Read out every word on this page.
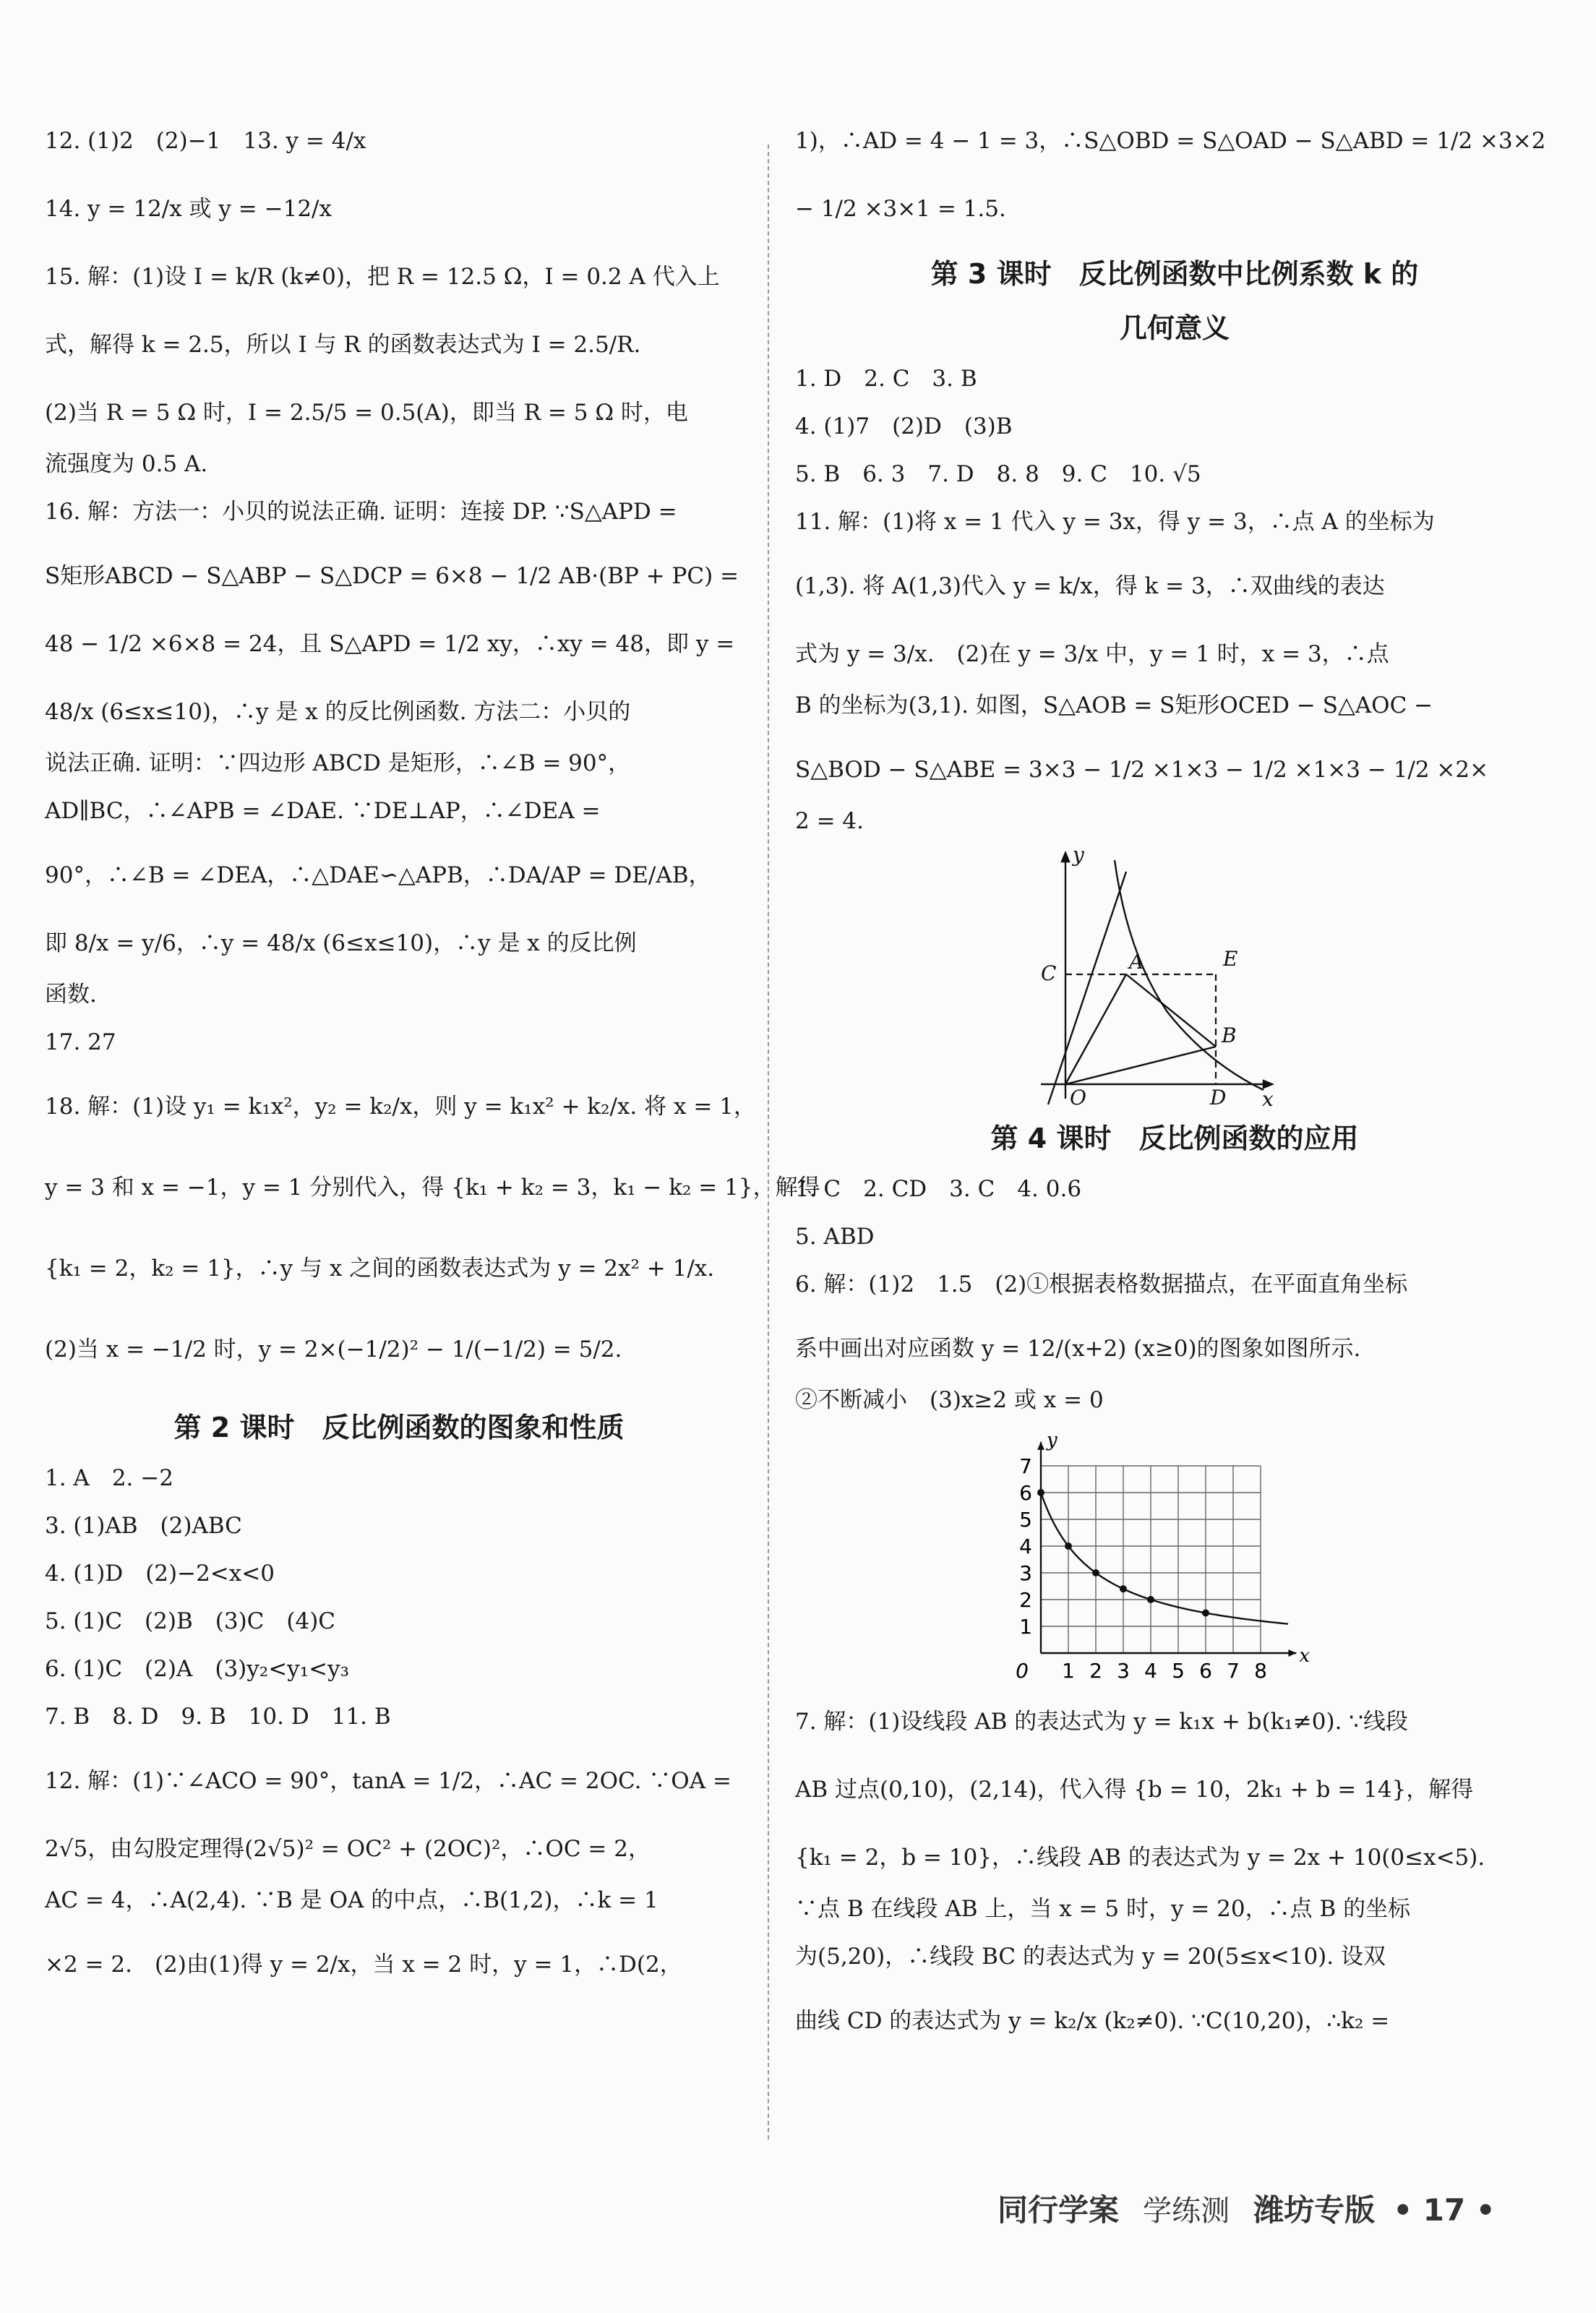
12. (1)2　(2)−1　13. y = 4/x

14. y = 12/x 或 y = −12/x

15. 解：(1)设 I = k/R (k≠0)，把 R = 12.5 Ω，I = 0.2 A 代入上

式，解得 k = 2.5，所以 I 与 R 的函数表达式为 I = 2.5/R.

(2)当 R = 5 Ω 时，I = 2.5/5 = 0.5(A)，即当 R = 5 Ω 时，电

流强度为 0.5 A.

16. 解：方法一：小贝的说法正确. 证明：连接 DP. ∵S△APD =

S矩形ABCD − S△ABP − S△DCP = 6×8 − 1/2 AB·(BP + PC) =

48 − 1/2 ×6×8 = 24，且 S△APD = 1/2 xy，∴xy = 48，即 y =

48/x (6≤x≤10)，∴y 是 x 的反比例函数. 方法二：小贝的

说法正确. 证明：∵四边形 ABCD 是矩形，∴∠B = 90°，

AD∥BC，∴∠APB = ∠DAE. ∵DE⊥AP，∴∠DEA =

90°，∴∠B = ∠DEA，∴△DAE∽△APB，∴DA/AP = DE/AB，

即 8/x = y/6，∴y = 48/x (6≤x≤10)，∴y 是 x 的反比例

函数.

17. 27

18. 解：(1)设 y₁ = k₁x²，y₂ = k₂/x，则 y = k₁x² + k₂/x. 将 x = 1，

y = 3 和 x = −1，y = 1 分别代入，得 {k₁ + k₂ = 3，k₁ − k₂ = 1}，解得

{k₁ = 2，k₂ = 1}，∴y 与 x 之间的函数表达式为 y = 2x² + 1/x.

(2)当 x = −1/2 时，y = 2×(−1/2)² − 1/(−1/2) = 5/2.

第 2 课时　反比例函数的图象和性质

1. A　2. −2

3. (1)AB　(2)ABC

4. (1)D　(2)−2<x<0

5. (1)C　(2)B　(3)C　(4)C

6. (1)C　(2)A　(3)y₂<y₁<y₃

7. B　8. D　9. B　10. D　11. B

12. 解：(1)∵∠ACO = 90°，tanA = 1/2，∴AC = 2OC. ∵OA =

2√5，由勾股定理得(2√5)² = OC² + (2OC)²，∴OC = 2，

AC = 4，∴A(2,4). ∵B 是 OA 的中点，∴B(1,2)，∴k = 1

×2 = 2.　(2)由(1)得 y = 2/x，当 x = 2 时，y = 1，∴D(2，

1)，∴AD = 4 − 1 = 3，∴S△OBD = S△OAD − S△ABD = 1/2 ×3×2

− 1/2 ×3×1 = 1.5.

第 3 课时　反比例函数中比例系数 k 的
几何意义

1. D　2. C　3. B

4. (1)7　(2)D　(3)B

5. B　6. 3　7. D　8. 8　9. C　10. √5

11. 解：(1)将 x = 1 代入 y = 3x，得 y = 3，∴点 A 的坐标为

(1,3). 将 A(1,3)代入 y = k/x，得 k = 3，∴双曲线的表达

式为 y = 3/x.　(2)在 y = 3/x 中，y = 1 时，x = 3，∴点

B 的坐标为(3,1). 如图，S△AOB = S矩形OCED − S△AOC −

S△BOD − S△ABE = 3×3 − 1/2 ×1×3 − 1/2 ×1×3 − 1/2 ×2×

2 = 4.

y
x
O
C	A	E
B
D
第 4 课时　反比例函数的应用

1. C　2. CD　3. C　4. 0.6

5. ABD

6. 解：(1)2　1.5　(2)①根据表格数据描点，在平面直角坐标

系中画出对应函数 y = 12/(x+2) (x≥0)的图象如图所示.

②不断减小　(3)x≥2 或 x = 0

0 1 2 3 4 5 6 7 8
1
2
3
4
5
6
7
x
y

7. 解：(1)设线段 AB 的表达式为 y = k₁x + b(k₁≠0). ∵线段

AB 过点(0,10)，(2,14)，代入得 {b = 10，2k₁ + b = 14}，解得

{k₁ = 2，b = 10}，∴线段 AB 的表达式为 y = 2x + 10(0≤x<5).

∵点 B 在线段 AB 上，当 x = 5 时，y = 20，∴点 B 的坐标

为(5,20)，∴线段 BC 的表达式为 y = 20(5≤x<10). 设双

曲线 CD 的表达式为 y = k₂/x (k₂≠0). ∵C(10,20)，∴k₂ =

同行学案 学练测 潍坊专版 • 17 •
